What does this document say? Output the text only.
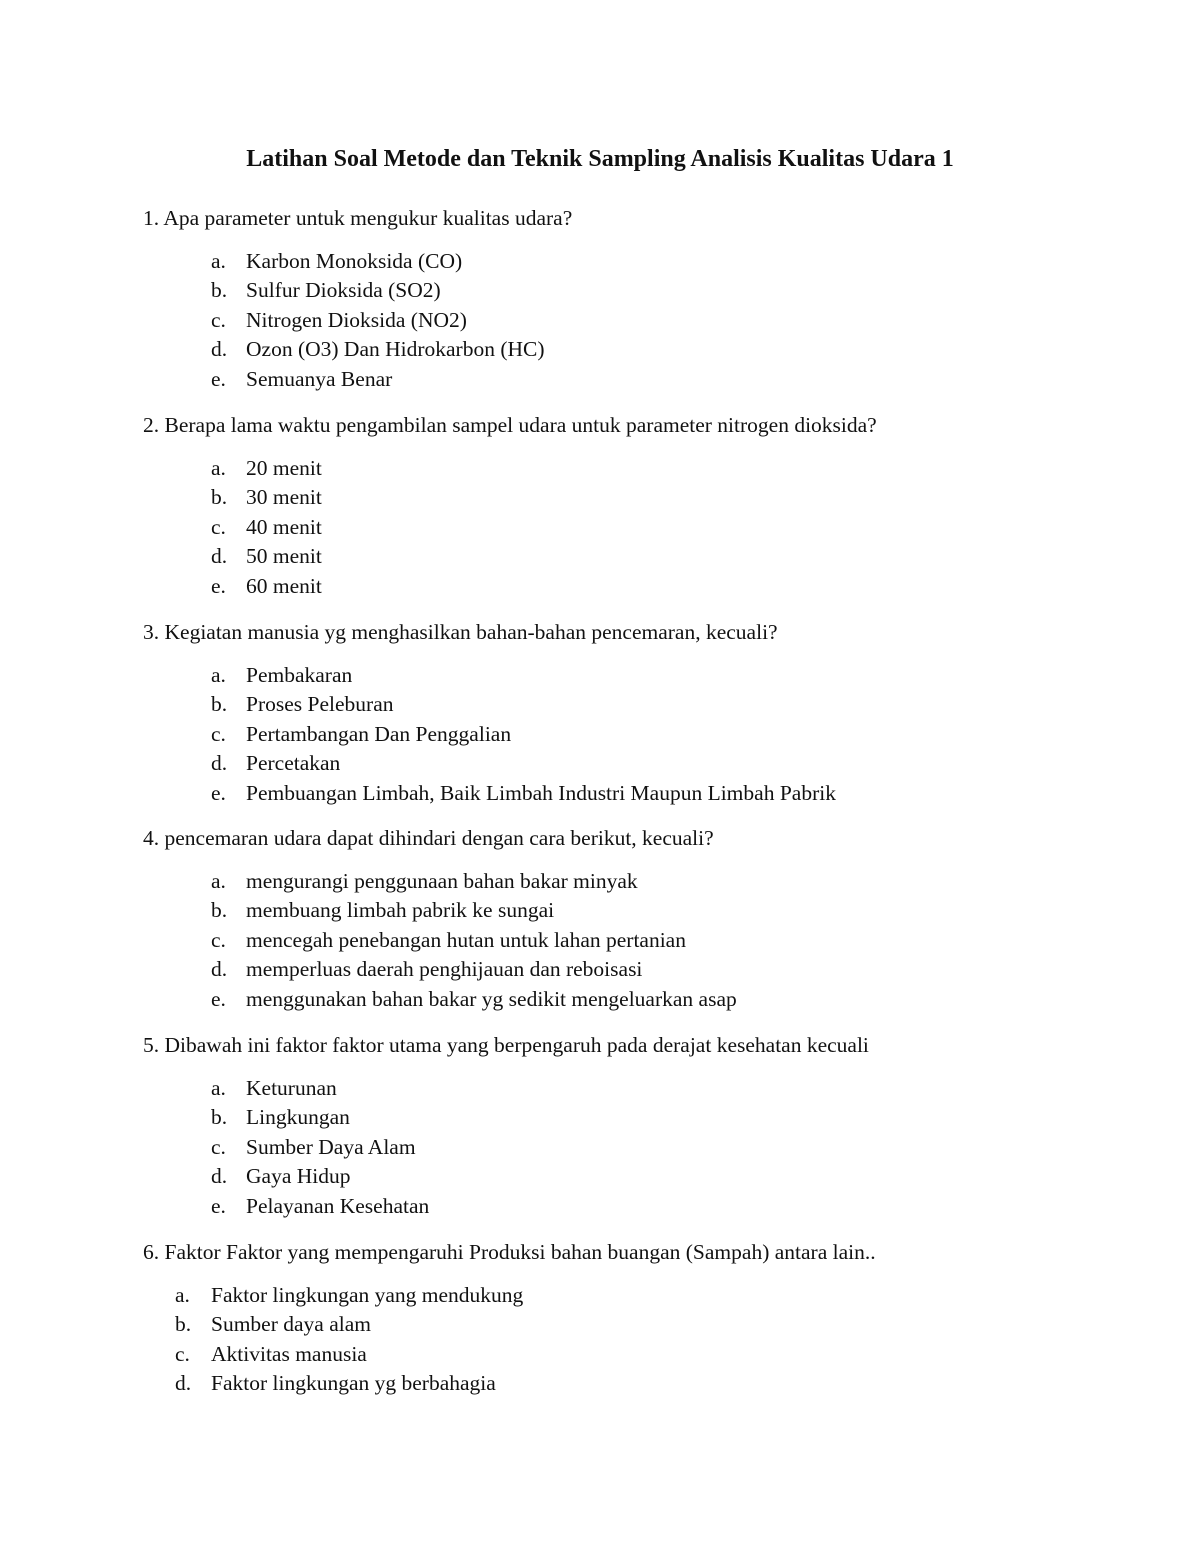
Latihan Soal Metode dan Teknik Sampling Analisis Kualitas Udara 1

1. Apa parameter untuk mengukur kualitas udara?

a. Karbon Monoksida (CO)
b. Sulfur Dioksida (SO2)
c. Nitrogen Dioksida (NO2)
d. Ozon (O3) Dan Hidrokarbon (HC)
e. Semuanya Benar

2. Berapa lama waktu pengambilan sampel udara untuk parameter nitrogen dioksida?

a. 20 menit
b. 30 menit
c. 40 menit
d. 50 menit
e. 60 menit

3. Kegiatan manusia yg menghasilkan bahan-bahan pencemaran, kecuali?

a. Pembakaran
b. Proses Peleburan
c. Pertambangan Dan Penggalian
d. Percetakan
e. Pembuangan Limbah, Baik Limbah Industri Maupun Limbah Pabrik

4. pencemaran udara dapat dihindari dengan cara berikut, kecuali?

a. mengurangi penggunaan bahan bakar minyak
b. membuang limbah pabrik ke sungai
c. mencegah penebangan hutan untuk lahan pertanian
d. memperluas daerah penghijauan dan reboisasi
e. menggunakan bahan bakar yg sedikit mengeluarkan asap

5. Dibawah ini faktor faktor utama yang berpengaruh pada derajat kesehatan kecuali

a. Keturunan
b. Lingkungan
c. Sumber Daya Alam
d. Gaya Hidup
e. Pelayanan Kesehatan

6. Faktor Faktor yang mempengaruhi Produksi bahan buangan (Sampah) antara lain..

a. Faktor lingkungan yang mendukung
b. Sumber daya alam
c. Aktivitas manusia
d. Faktor lingkungan yg berbahagia
